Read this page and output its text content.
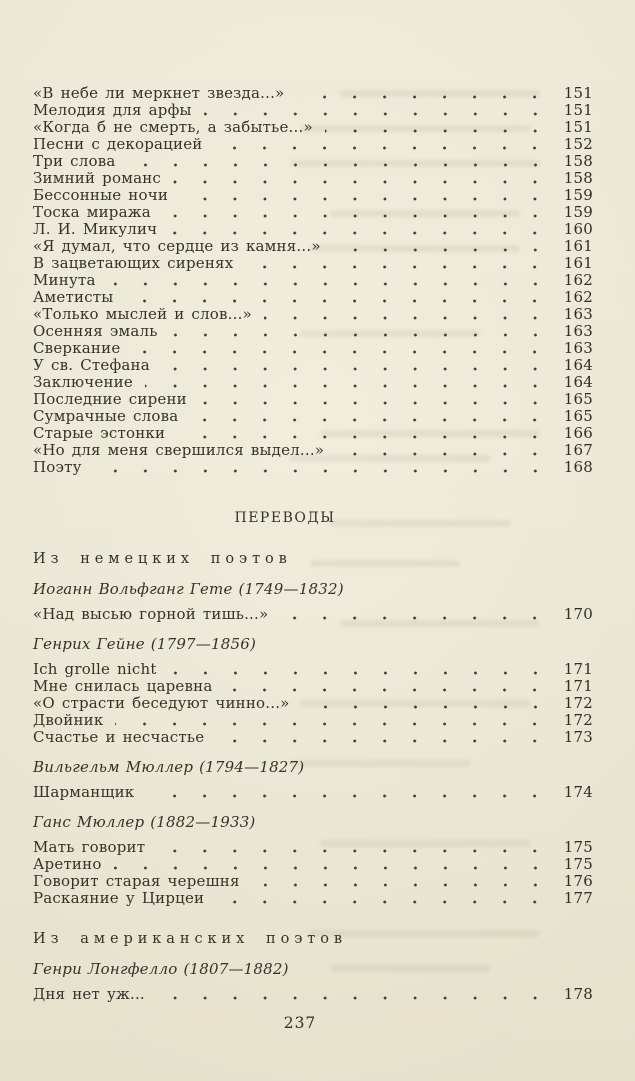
«В небе ли меркнет звезда...»	151
Мелодия для арфы	151
«Когда б не смерть, а забытье...»	151
Песни с декорацией	152
Три слова	158
Зимний романс	158
Бессонные ночи	159
Тоска миража	159
Л. И. Микулич	160
«Я думал, что сердце из камня...»	161
В зацветающих сиренях	161
Минута	162
Аметисты	162
«Только мыслей и слов...»	163
Осенняя эмаль	163
Сверкание	163
У св. Стефана	164
Заключение	164
Последние сирени	165
Сумрачные слова	165
Старые эстонки	166
«Но для меня свершился выдел...»	167
Поэту	168
ПЕРЕВОДЫ
Из немецких поэтов
Иоганн Вольфганг Гете (1749—1832)
«Над высью горной тишь...»	170
Генрих Гейне (1797—1856)
Ich grolle nicht	171
Мне снилась царевна	171
«О страсти беседуют чинно...»	172
Двойник	172
Счастье и несчастье	173
Вильгельм Мюллер (1794—1827)
Шарманщик	174
Ганс Мюллер (1882—1933)
Мать говорит	175
Аретино	175
Говорит старая черешня	176
Раскаяние у Цирцеи	177
Из американских поэтов
Генри Лонгфелло (1807—1882)
Дня нет уж...	178
237
